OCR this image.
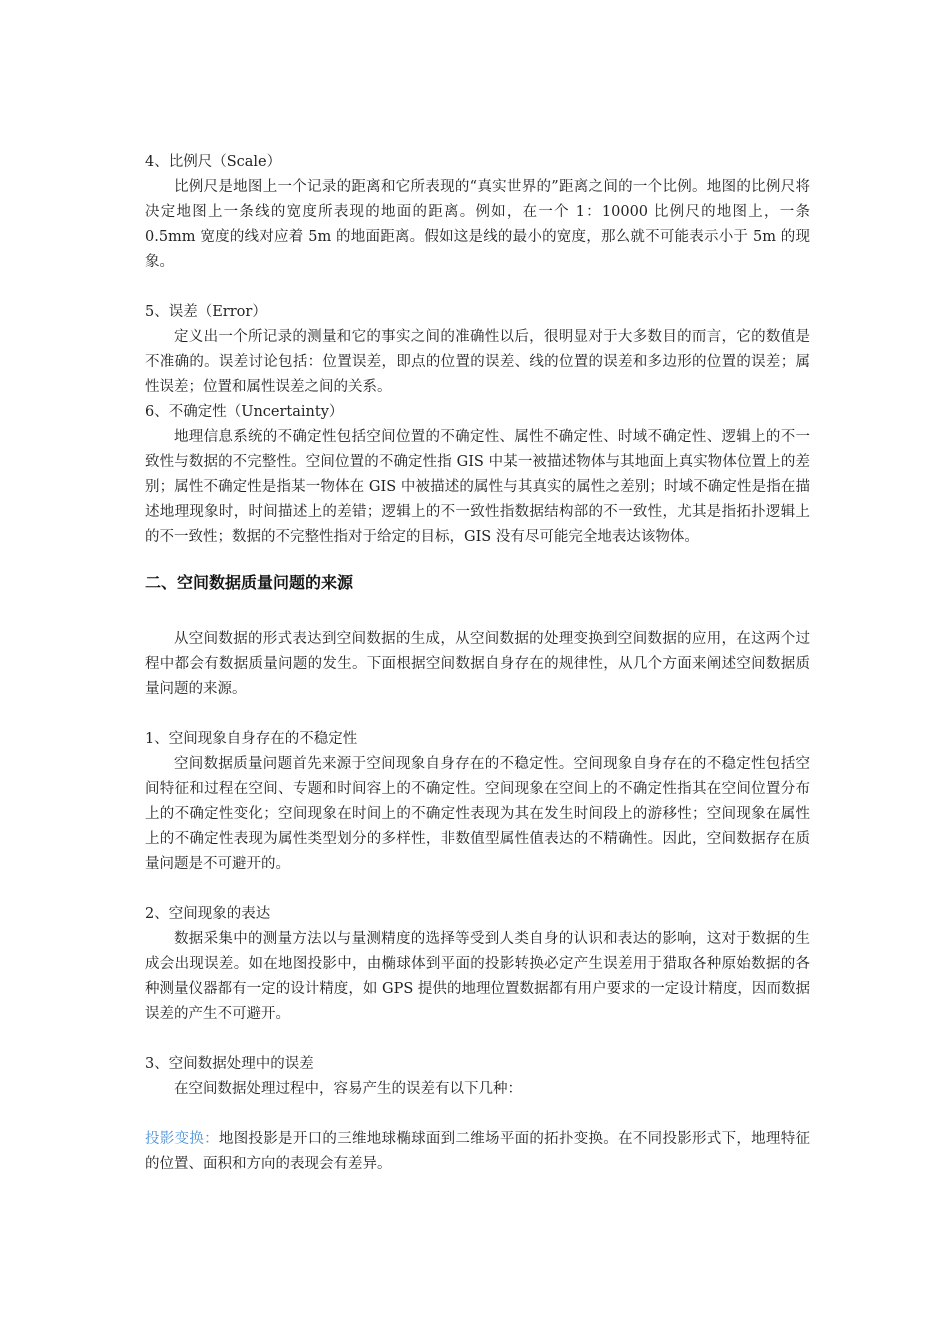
4、比例尺（Scale）

比例尺是地图上一个记录的距离和它所表现的“真实世界的”距离之间的一个比例。地图的比例尺将决定地图上一条线的宽度所表现的地面的距离。例如，在一个 1：10000 比例尺的地图上，一条 0.5mm 宽度的线对应着 5m 的地面距离。假如这是线的最小的宽度，那么就不可能表示小于 5m 的现象。

5、误差（Error）

定义出一个所记录的测量和它的事实之间的准确性以后，很明显对于大多数目的而言，它的数值是不准确的。误差讨论包括：位置误差，即点的位置的误差、线的位置的误差和多边形的位置的误差；属性误差；位置和属性误差之间的关系。

6、不确定性（Uncertainty）

地理信息系统的不确定性包括空间位置的不确定性、属性不确定性、时域不确定性、逻辑上的不一致性与数据的不完整性。空间位置的不确定性指 GIS 中某一被描述物体与其地面上真实物体位置上的差别；属性不确定性是指某一物体在 GIS 中被描述的属性与其真实的属性之差别；时域不确定性是指在描述地理现象时，时间描述上的差错；逻辑上的不一致性指数据结构部的不一致性，尤其是指拓扑逻辑上的不一致性；数据的不完整性指对于给定的目标，GIS 没有尽可能完全地表达该物体。

二、空间数据质量问题的来源

从空间数据的形式表达到空间数据的生成，从空间数据的处理变换到空间数据的应用，在这两个过程中都会有数据质量问题的发生。下面根据空间数据自身存在的规律性，从几个方面来阐述空间数据质量问题的来源。

1、空间现象自身存在的不稳定性

空间数据质量问题首先来源于空间现象自身存在的不稳定性。空间现象自身存在的不稳定性包括空间特征和过程在空间、专题和时间容上的不确定性。空间现象在空间上的不确定性指其在空间位置分布上的不确定性变化；空间现象在时间上的不确定性表现为其在发生时间段上的游移性；空间现象在属性上的不确定性表现为属性类型划分的多样性，非数值型属性值表达的不精确性。因此，空间数据存在质量问题是不可避开的。

2、空间现象的表达

数据采集中的测量方法以与量测精度的选择等受到人类自身的认识和表达的影响，这对于数据的生成会出现误差。如在地图投影中，由椭球体到平面的投影转换必定产生误差用于猎取各种原始数据的各种测量仪器都有一定的设计精度，如 GPS 提供的地理位置数据都有用户要求的一定设计精度，因而数据误差的产生不可避开。

3、空间数据处理中的误差

在空间数据处理过程中，容易产生的误差有以下几种：

投影变换：地图投影是开口的三维地球椭球面到二维场平面的拓扑变换。在不同投影形式下，地理特征的位置、面积和方向的表现会有差异。
